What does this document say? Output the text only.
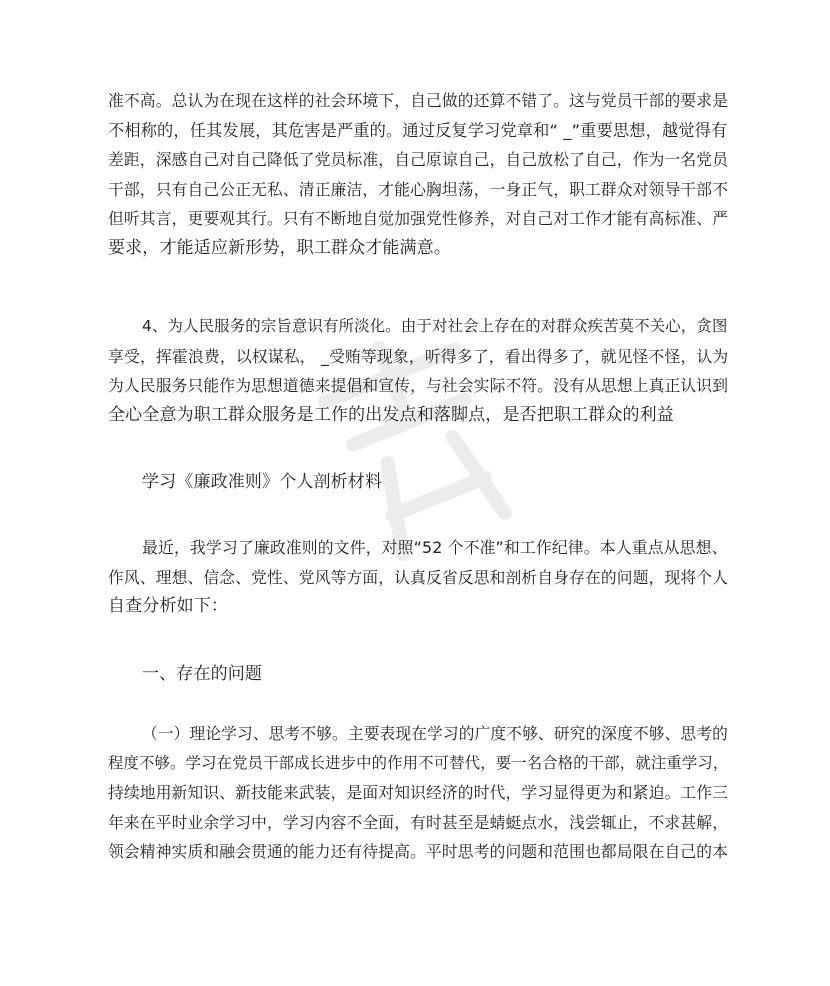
准不高。总认为在现在这样的社会环境下，自己做的还算不错了。这与党员干部的要求是
不相称的，任其发展，其危害是严重的。通过反复学习党章和“ _”重要思想，越觉得有
差距，深感自己对自己降低了党员标准，自己原谅自己，自己放松了自己，作为一名党员
干部，只有自己公正无私、清正廉洁，才能心胸坦荡，一身正气，职工群众对领导干部不
但听其言，更要观其行。只有不断地自觉加强党性修养，对自己对工作才能有高标准、严
要求，才能适应新形势，职工群众才能满意。

4、为人民服务的宗旨意识有所淡化。由于对社会上存在的对群众疾苦莫不关心，贪图
享受，挥霍浪费，以权谋私， _受贿等现象，听得多了，看出得多了，就见怪不怪，认为
为人民服务只能作为思想道德来提倡和宣传，与社会实际不符。没有从思想上真正认识到
全心全意为职工群众服务是工作的出发点和落脚点，是否把职工群众的利益

学习《廉政准则》个人剖析材料

最近，我学习了廉政准则的文件，对照“52 个不准”和工作纪律。本人重点从思想、
作风、理想、信念、党性、党风等方面，认真反省反思和剖析自身存在的问题，现将个人
自查分析如下：

一、存在的问题

（一）理论学习、思考不够。主要表现在学习的广度不够、研究的深度不够、思考的
程度不够。学习在党员干部成长进步中的作用不可替代，要一名合格的干部，就注重学习，
持续地用新知识、新技能来武装，是面对知识经济的时代，学习显得更为和紧迫。工作三
年来在平时业余学习中，学习内容不全面，有时甚至是蜻蜓点水，浅尝辄止，不求甚解，
领会精神实质和融会贯通的能力还有待提高。平时思考的问题和范围也都局限在自己的本
